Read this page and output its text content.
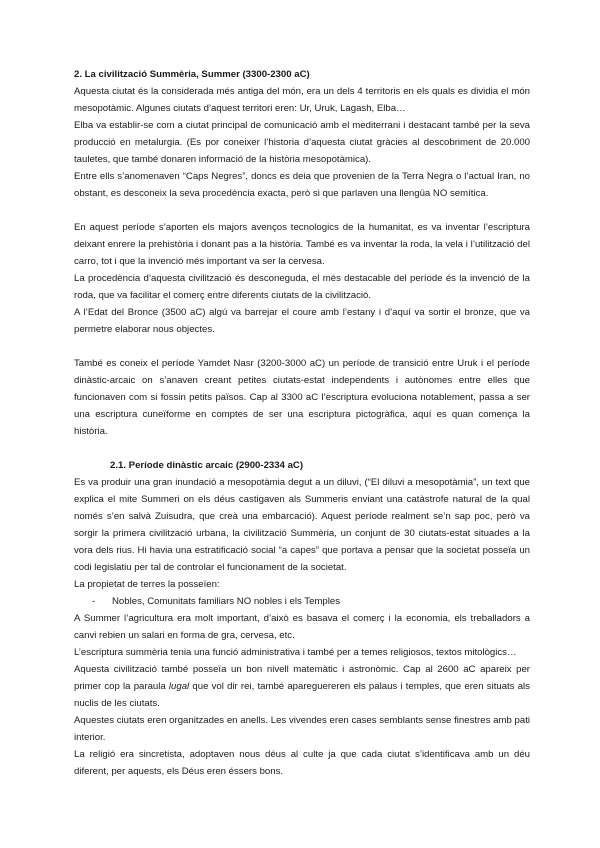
2. La civilització Summèria, Summer (3300-2300 aC)

Aquesta ciutat és la considerada més antiga del món, era un dels 4 territoris en els quals es dividia el món mesopotàmic. Algunes ciutats d’aquest territori eren: Ur, Uruk, Lagash, Elba…

Elba va establir-se com a ciutat principal de comunicació amb el mediterrani i destacant també per la seva producció en metalurgia. (Es por coneixer l’historia d’aquesta ciutat gràcies al descobriment de 20.000 tauletes, que també donaren informació de la història mesopotàmica).

Entre ells s’anomenaven “Caps Negres”, doncs es deia que provenien de la Terra Negra o l’actual Iran, no obstant, es desconeix la seva procedència exacta, però si que parlaven una llengüa NO semítica.

En aquest període s’aporten els majors avenços tecnologics de la humanitat, es va inventar l’escriptura deixant enrere la prehistòria i donant pas a la història. També es va inventar la roda, la vela i l’utilització del carro, tot i que la invenció més important va ser la cervesa.

La procedència d’aquesta civilització és desconeguda, el més destacable del període és la invenció de la roda, que va facilitar el comerç entre diferents ciutats de la civilització.

A l’Edat del Bronce (3500 aC) algú va barrejar el coure amb l’estany i d’aquí va sortir el bronze, que va permetre elaborar nous objectes.

També es coneix el període Yamdet Nasr (3200-3000 aC) un període de transició entre Uruk i el període dinàstic-arcaic on s’anaven creant petites ciutats-estat independents i autònomes entre elles que funcionaven com si fossin petits països. Cap al 3300 aC l’escriptura evoluciona notablement, passa a ser una escriptura cuneïforme en comptes de ser una escriptura pictogràfica, aquí es quan comença la història.

2.1. Període dinàstic arcaic (2900-2334 aC)

Es va produir una gran inundació a mesopotàmia degut a un diluvi, (“El diluvi a mesopotàmia”, un text que explica el mite Summeri on els déus castigaven als Summeris enviant una catàstrofe natural de la qual només s’en salvà Zuisudra, que creà una embarcació). Aquest període realment se’n sap poc, però va sorgir la primera civilització urbana, la civilització Summèria, un conjunt de 30 ciutats-estat situades a la vora dels rius. Hi havia una estratificació social “a capes” que portava a pensar que la societat posseïa un codi legislatiu per tal de controlar el funcionament de la societat.

La propietat de terres la posseïen:

- Nobles, Comunitats familiars NO nobles i els Temples

A Summer l’agricultura era molt important, d’això es basava el comerç i la economia, els treballadors a canvi rebien un salari en forma de gra, cervesa, etc.

L’escriptura summèria tenia una funció administrativa i també per a temes religiosos, textos mitològics…

Aquesta civilització també posseïa un bon nivell matemàtic i astronòmic. Cap al 2600 aC apareix per primer cop la paraula lugal que vol dir rei, també apareguereren els palaus i temples, que eren situats als nuclis de les ciutats.

Aquestes ciutats eren organitzades en anells. Les vivendes eren cases semblants sense finestres amb pati interior.

La religió era sincretista, adoptaven nous déus al culte ja que cada ciutat s’identificava amb un déu diferent, per aquests, els Déus eren éssers bons.
